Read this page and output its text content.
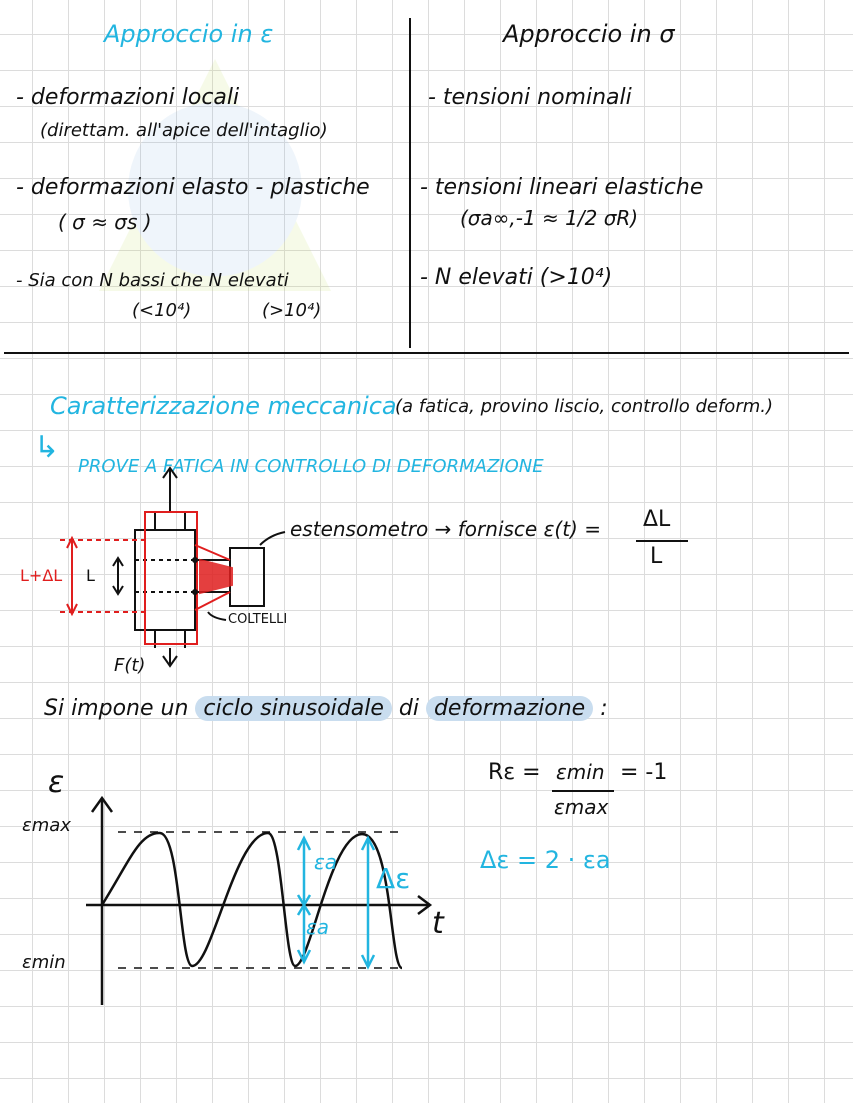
Approccio in ε	Approccio in σ
- deformazioni locali
(direttam. all'apice dell'intaglio)
- deformazioni elasto - plastiche
( σ ≈ σs )
- Sia con N bassi che N elevati
(<10⁴)	(>10⁴)
- tensioni nominali
- tensioni lineari elastiche
(σa∞,-1 ≈ 1/2 σR)
- N elevati (>10⁴)
Caratterizzazione meccanica
(a fatica, provino liscio, controllo deform.)
↳
PROVE A FATICA IN CONTROLLO DI DEFORMAZIONE
L+ΔL L
estensometro → fornisce ε(t) = ΔL
L
COLTELLI
F(t)
Si impone un ciclo sinusoidale di deformazione :
ε
t
εmax
εmin
εa
εa
Δε
Rε = εmin
εmax
= -1
Δε = 2 · εa
